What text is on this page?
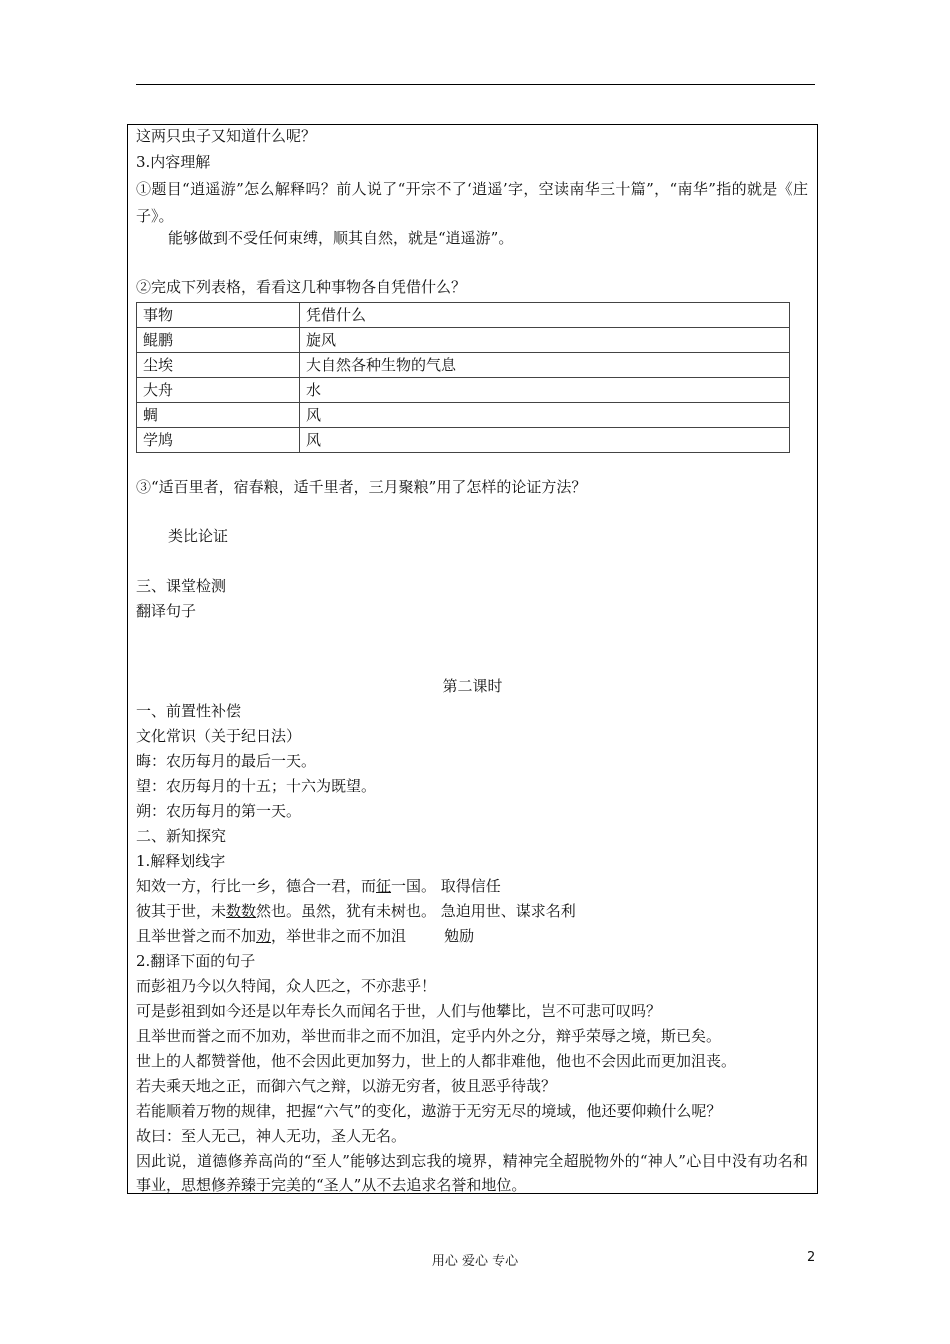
这两只虫子又知道什么呢？
3.内容理解
①题目“逍遥游”怎么解释吗？前人说了“开宗不了‘逍遥’字，空读南华三十篇”，“南华”指的就是《庄子》。
能够做到不受任何束缚，顺其自然，就是“逍遥游”。
②完成下列表格，看看这几种事物各自凭借什么？
事物	凭借什么
鲲鹏	旋风
尘埃	大自然各种生物的气息
大舟	水
蜩	风
学鸠	风
③“适百里者，宿春粮，适千里者，三月聚粮”用了怎样的论证方法？
类比论证
三、课堂检测
翻译句子
第二课时
一、前置性补偿
文化常识（关于纪日法）
晦：农历每月的最后一天。
望：农历每月的十五；十六为既望。
朔：农历每月的第一天。
二、新知探究
1.解释划线字
知效一方，行比一乡，德合一君，而征一国。 取得信任
彼其于世，未数数然也。虽然，犹有未树也。 急迫用世、谋求名利
且举世誉之而不加劝，举世非之而不加沮        勉励
2.翻译下面的句子
而彭祖乃今以久特闻，众人匹之，不亦悲乎！
可是彭祖到如今还是以年寿长久而闻名于世，人们与他攀比，岂不可悲可叹吗？
且举世而誉之而不加劝，举世而非之而不加沮，定乎内外之分，辩乎荣辱之境，斯已矣。
世上的人都赞誉他，他不会因此更加努力，世上的人都非难他，他也不会因此而更加沮丧。
若夫乘天地之正，而御六气之辩，以游无穷者，彼且恶乎待哉？
若能顺着万物的规律，把握“六气”的变化，遨游于无穷无尽的境域，他还要仰赖什么呢？
故曰：至人无己，神人无功，圣人无名。
因此说，道德修养高尚的“至人”能够达到忘我的境界，精神完全超脱物外的“神人”心目中没有功名和事业，思想修养臻于完美的“圣人”从不去追求名誉和地位。
用心 爱心 专心	2
